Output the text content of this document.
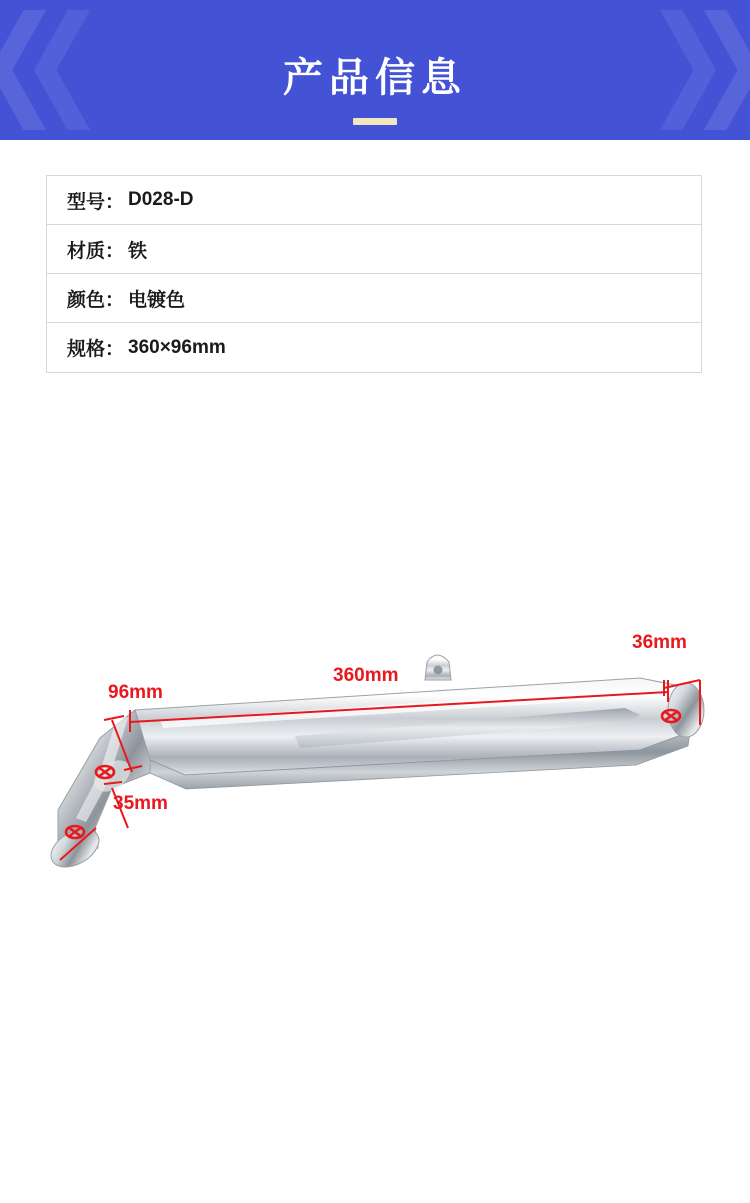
产品信息
型号： D028-D
材质： 铁
颜色： 电镀色
规格： 360×96mm
360mm
96mm
36mm
35mm
